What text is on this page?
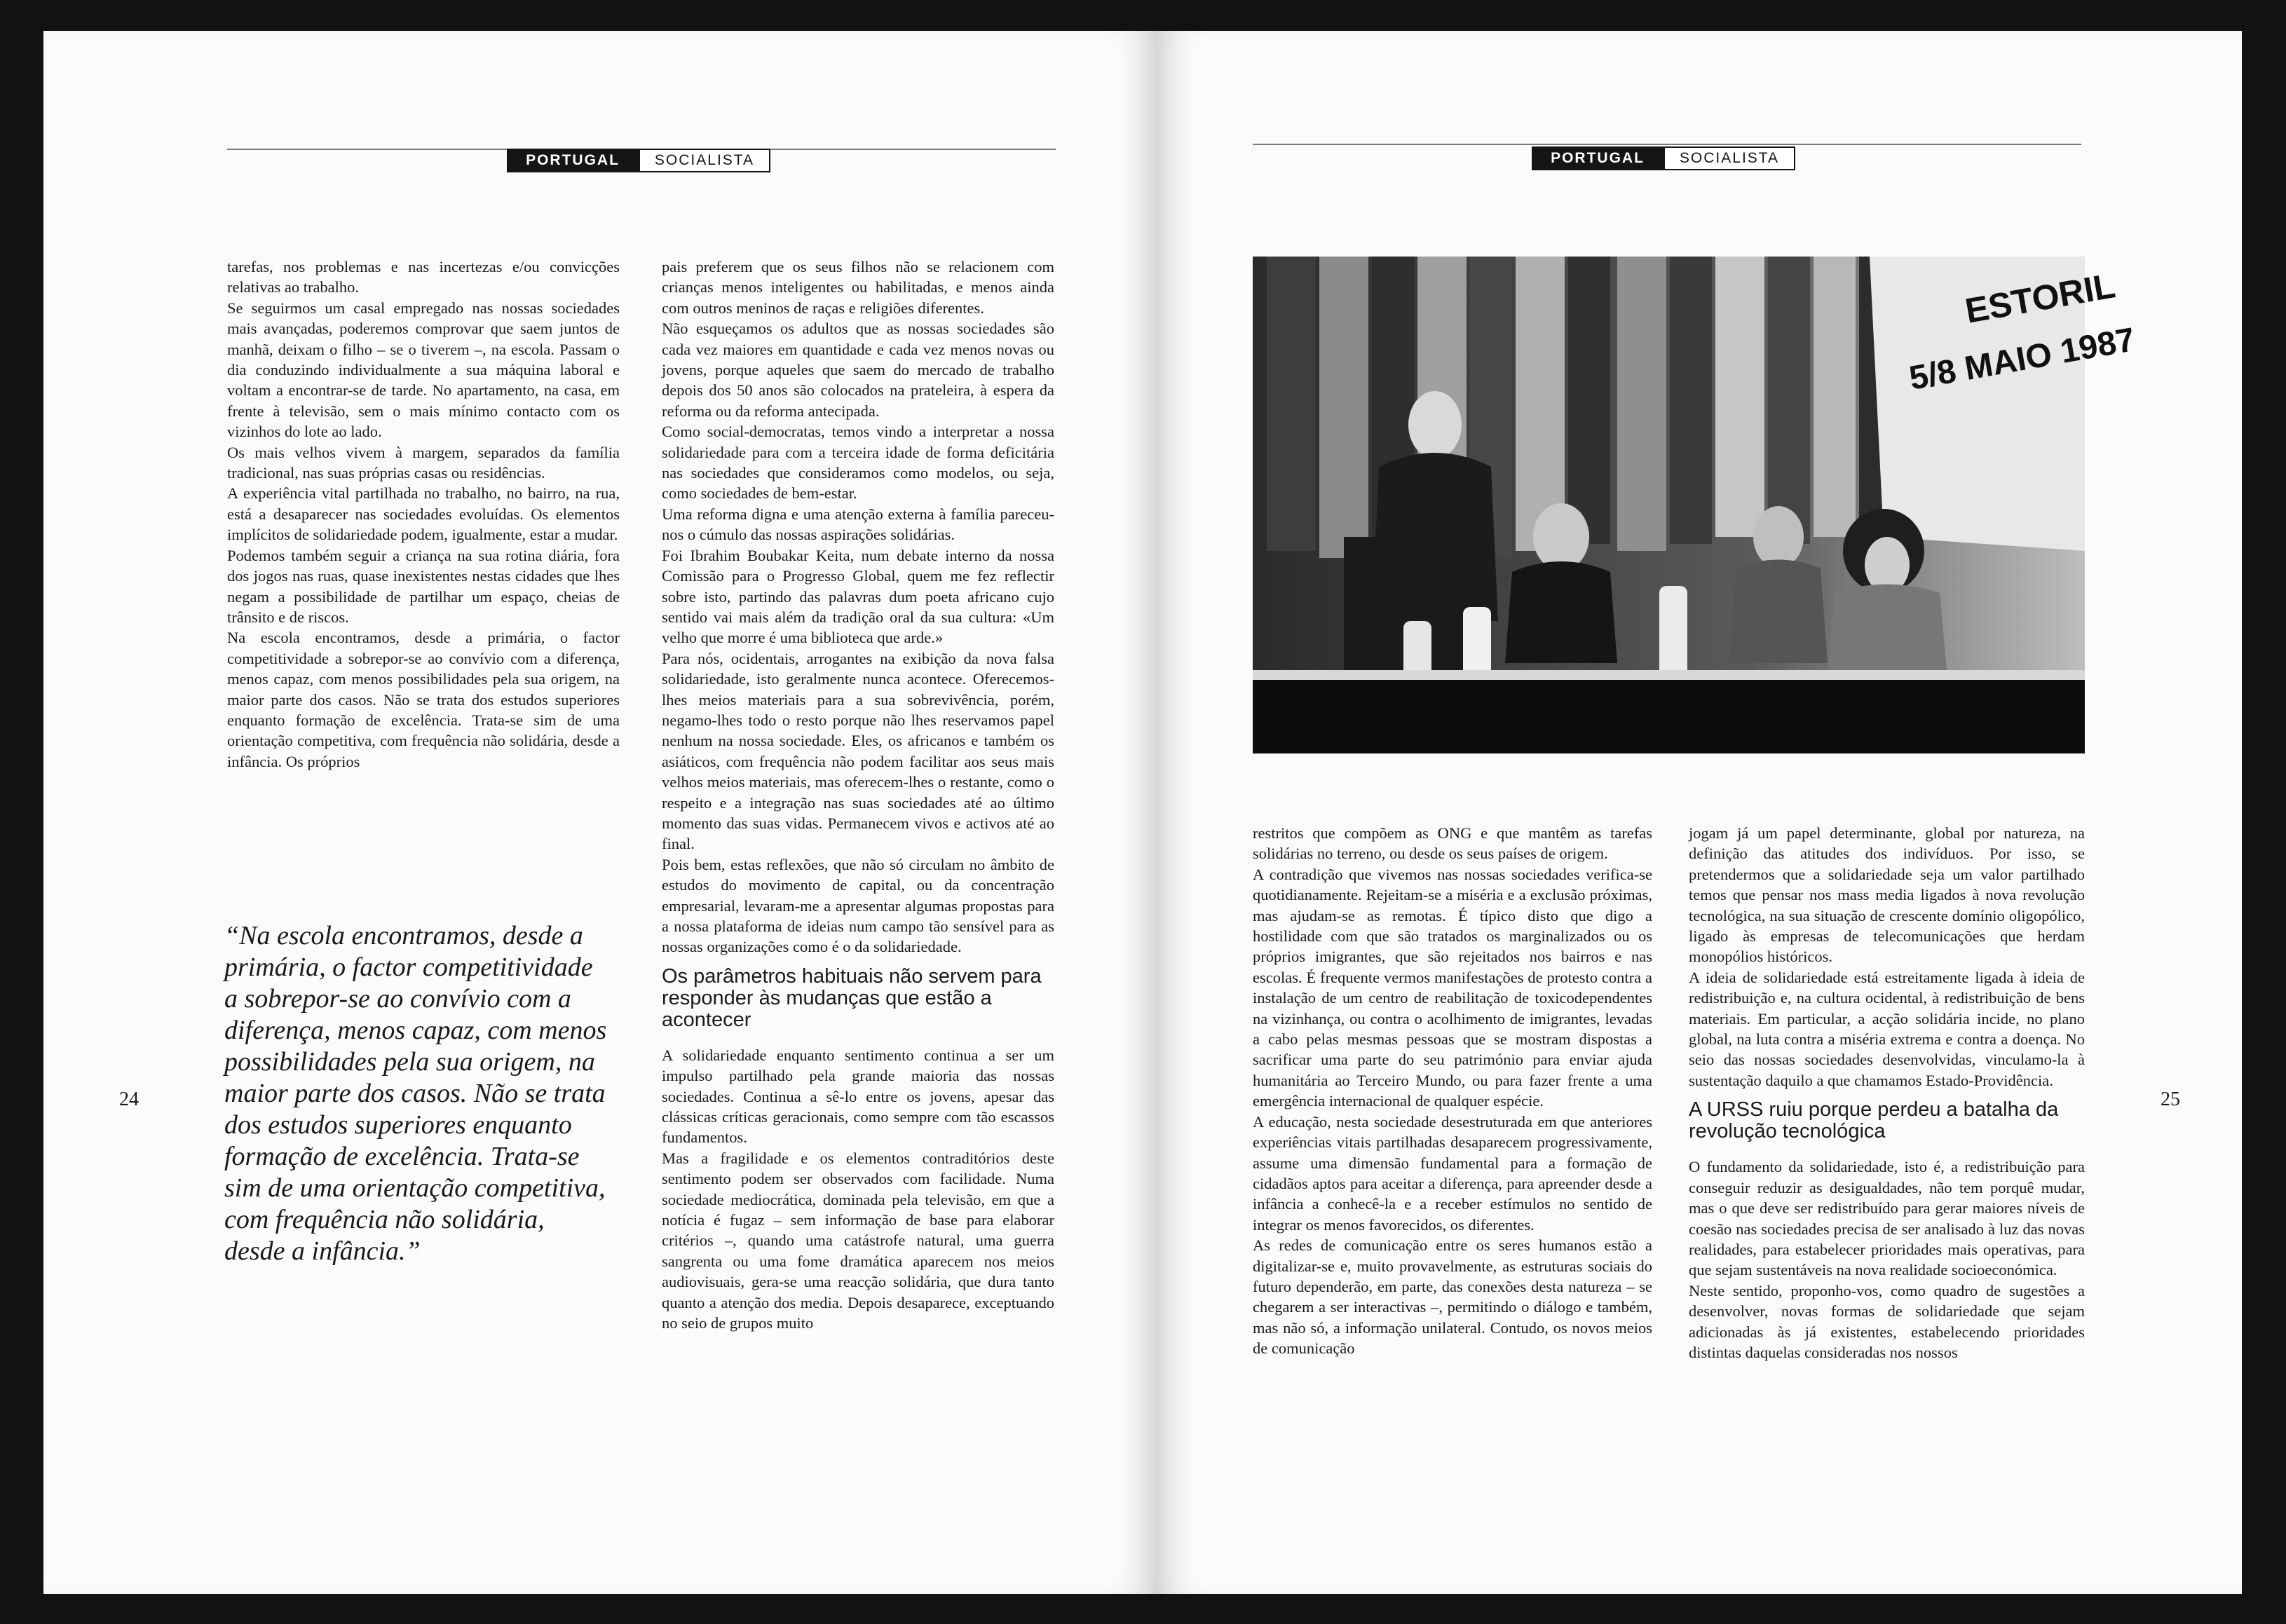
PORTUGAL	SOCIALISTA	PORTUGAL	SOCIALISTA

tarefas, nos problemas e nas incertezas e/ou convicções relativas ao trabalho.

Se seguirmos um casal empregado nas nossas sociedades mais avançadas, poderemos comprovar que saem juntos de manhã, deixam o filho – se o tiverem –, na escola. Passam o dia conduzindo individualmente a sua máquina laboral e voltam a encontrar-se de tarde. No apartamento, na casa, em frente à televisão, sem o mais mínimo contacto com os vizinhos do lote ao lado.

Os mais velhos vivem à margem, separados da família tradicional, nas suas próprias casas ou residências.

A experiência vital partilhada no trabalho, no bairro, na rua, está a desaparecer nas sociedades evoluídas. Os elementos implícitos de solidariedade podem, igualmente, estar a mudar.

Podemos também seguir a criança na sua rotina diária, fora dos jogos nas ruas, quase inexistentes nestas cidades que lhes negam a possibilidade de partilhar um espaço, cheias de trânsito e de riscos.

Na escola encontramos, desde a primária, o factor competitividade a sobrepor-se ao convívio com a diferença, menos capaz, com menos possibilidades pela sua origem, na maior parte dos casos. Não se trata dos estudos superiores enquanto formação de excelência. Trata-se sim de uma orientação competitiva, com frequência não solidária, desde a infância. Os próprios

“Na escola encontramos, desde a primária, o factor competitividade a sobrepor-se ao convívio com a diferença, menos capaz, com menos possibilidades pela sua origem, na maior parte dos casos. Não se trata dos estudos superiores enquanto formação de excelência. Trata-se sim de uma orientação competitiva, com frequência não solidária, desde a infância.”

pais preferem que os seus filhos não se relacionem com crianças menos inteligentes ou habilitadas, e menos ainda com outros meninos de raças e religiões diferentes.

Não esqueçamos os adultos que as nossas sociedades são cada vez maiores em quantidade e cada vez menos novas ou jovens, porque aqueles que saem do mercado de trabalho depois dos 50 anos são colocados na prateleira, à espera da reforma ou da reforma antecipada.

Como social-democratas, temos vindo a interpretar a nossa solidariedade para com a terceira idade de forma deficitária nas sociedades que consideramos como modelos, ou seja, como sociedades de bem-estar.

Uma reforma digna e uma atenção externa à família pareceu-nos o cúmulo das nossas aspirações solidárias.

Foi Ibrahim Boubakar Keita, num debate interno da nossa Comissão para o Progresso Global, quem me fez reflectir sobre isto, partindo das palavras dum poeta africano cujo sentido vai mais além da tradição oral da sua cultura: «Um velho que morre é uma biblioteca que arde.»

Para nós, ocidentais, arrogantes na exibição da nova falsa solidariedade, isto geralmente nunca acontece. Oferecemos-lhes meios materiais para a sua sobrevivência, porém, negamo-lhes todo o resto porque não lhes reservamos papel nenhum na nossa sociedade. Eles, os africanos e também os asiáticos, com frequência não podem facilitar aos seus mais velhos meios materiais, mas oferecem-lhes o restante, como o respeito e a integração nas suas sociedades até ao último momento das suas vidas. Permanecem vivos e activos até ao final.

Pois bem, estas reflexões, que não só circulam no âmbito de estudos do movimento de capital, ou da concentração empresarial, levaram-me a apresentar algumas propostas para a nossa plataforma de ideias num campo tão sensível para as nossas organizações como é o da solidariedade.

Os parâmetros habituais não servem para responder às mudanças que estão a acontecer

A solidariedade enquanto sentimento continua a ser um impulso partilhado pela grande maioria das nossas sociedades. Continua a sê-lo entre os jovens, apesar das clássicas críticas geracionais, como sempre com tão escassos fundamentos.

Mas a fragilidade e os elementos contraditórios deste sentimento podem ser observados com facilidade. Numa sociedade mediocrática, dominada pela televisão, em que a notícia é fugaz – sem informação de base para elaborar critérios –, quando uma catástrofe natural, uma guerra sangrenta ou uma fome dramática aparecem nos meios audiovisuais, gera-se uma reacção solidária, que dura tanto quanto a atenção dos media. Depois desaparece, exceptuando no seio de grupos muito

ESTORIL
5/8 MAIO 1987

restritos que compõem as ONG e que mantêm as tarefas solidárias no terreno, ou desde os seus países de origem.

A contradição que vivemos nas nossas sociedades verifica-se quotidianamente. Rejeitam-se a miséria e a exclusão próximas, mas ajudam-se as remotas. É típico disto que digo a hostilidade com que são tratados os marginalizados ou os próprios imigrantes, que são rejeitados nos bairros e nas escolas. É frequente vermos manifestações de protesto contra a instalação de um centro de reabilitação de toxicodependentes na vizinhança, ou contra o acolhimento de imigrantes, levadas a cabo pelas mesmas pessoas que se mostram dispostas a sacrificar uma parte do seu património para enviar ajuda humanitária ao Terceiro Mundo, ou para fazer frente a uma emergência internacional de qualquer espécie.

A educação, nesta sociedade desestruturada em que anteriores experiências vitais partilhadas desaparecem progressivamente, assume uma dimensão fundamental para a formação de cidadãos aptos para aceitar a diferença, para apreender desde a infância a conhecê-la e a receber estímulos no sentido de integrar os menos favorecidos, os diferentes.

As redes de comunicação entre os seres humanos estão a digitalizar-se e, muito provavelmente, as estruturas sociais do futuro dependerão, em parte, das conexões desta natureza – se chegarem a ser interactivas –, permitindo o diálogo e também, mas não só, a informação unilateral. Contudo, os novos meios de comunicação

jogam já um papel determinante, global por natureza, na definição das atitudes dos indivíduos. Por isso, se pretendermos que a solidariedade seja um valor partilhado temos que pensar nos mass media ligados à nova revolução tecnológica, na sua situação de crescente domínio oligopólico, ligado às empresas de telecomunicações que herdam monopólios históricos.

A ideia de solidariedade está estreitamente ligada à ideia de redistribuição e, na cultura ocidental, à redistribuição de bens materiais. Em particular, a acção solidária incide, no plano global, na luta contra a miséria extrema e contra a doença. No seio das nossas sociedades desenvolvidas, vinculamo-la à sustentação daquilo a que chamamos Estado-Providência.

A URSS ruiu porque perdeu a batalha da revolução tecnológica

O fundamento da solidariedade, isto é, a redistribuição para conseguir reduzir as desigualdades, não tem porquê mudar, mas o que deve ser redistribuído para gerar maiores níveis de coesão nas sociedades precisa de ser analisado à luz das novas realidades, para estabelecer prioridades mais operativas, para que sejam sustentáveis na nova realidade socioeconómica.

Neste sentido, proponho-vos, como quadro de sugestões a desenvolver, novas formas de solidariedade que sejam adicionadas às já existentes, estabelecendo prioridades distintas daquelas consideradas nos nossos

24	25
